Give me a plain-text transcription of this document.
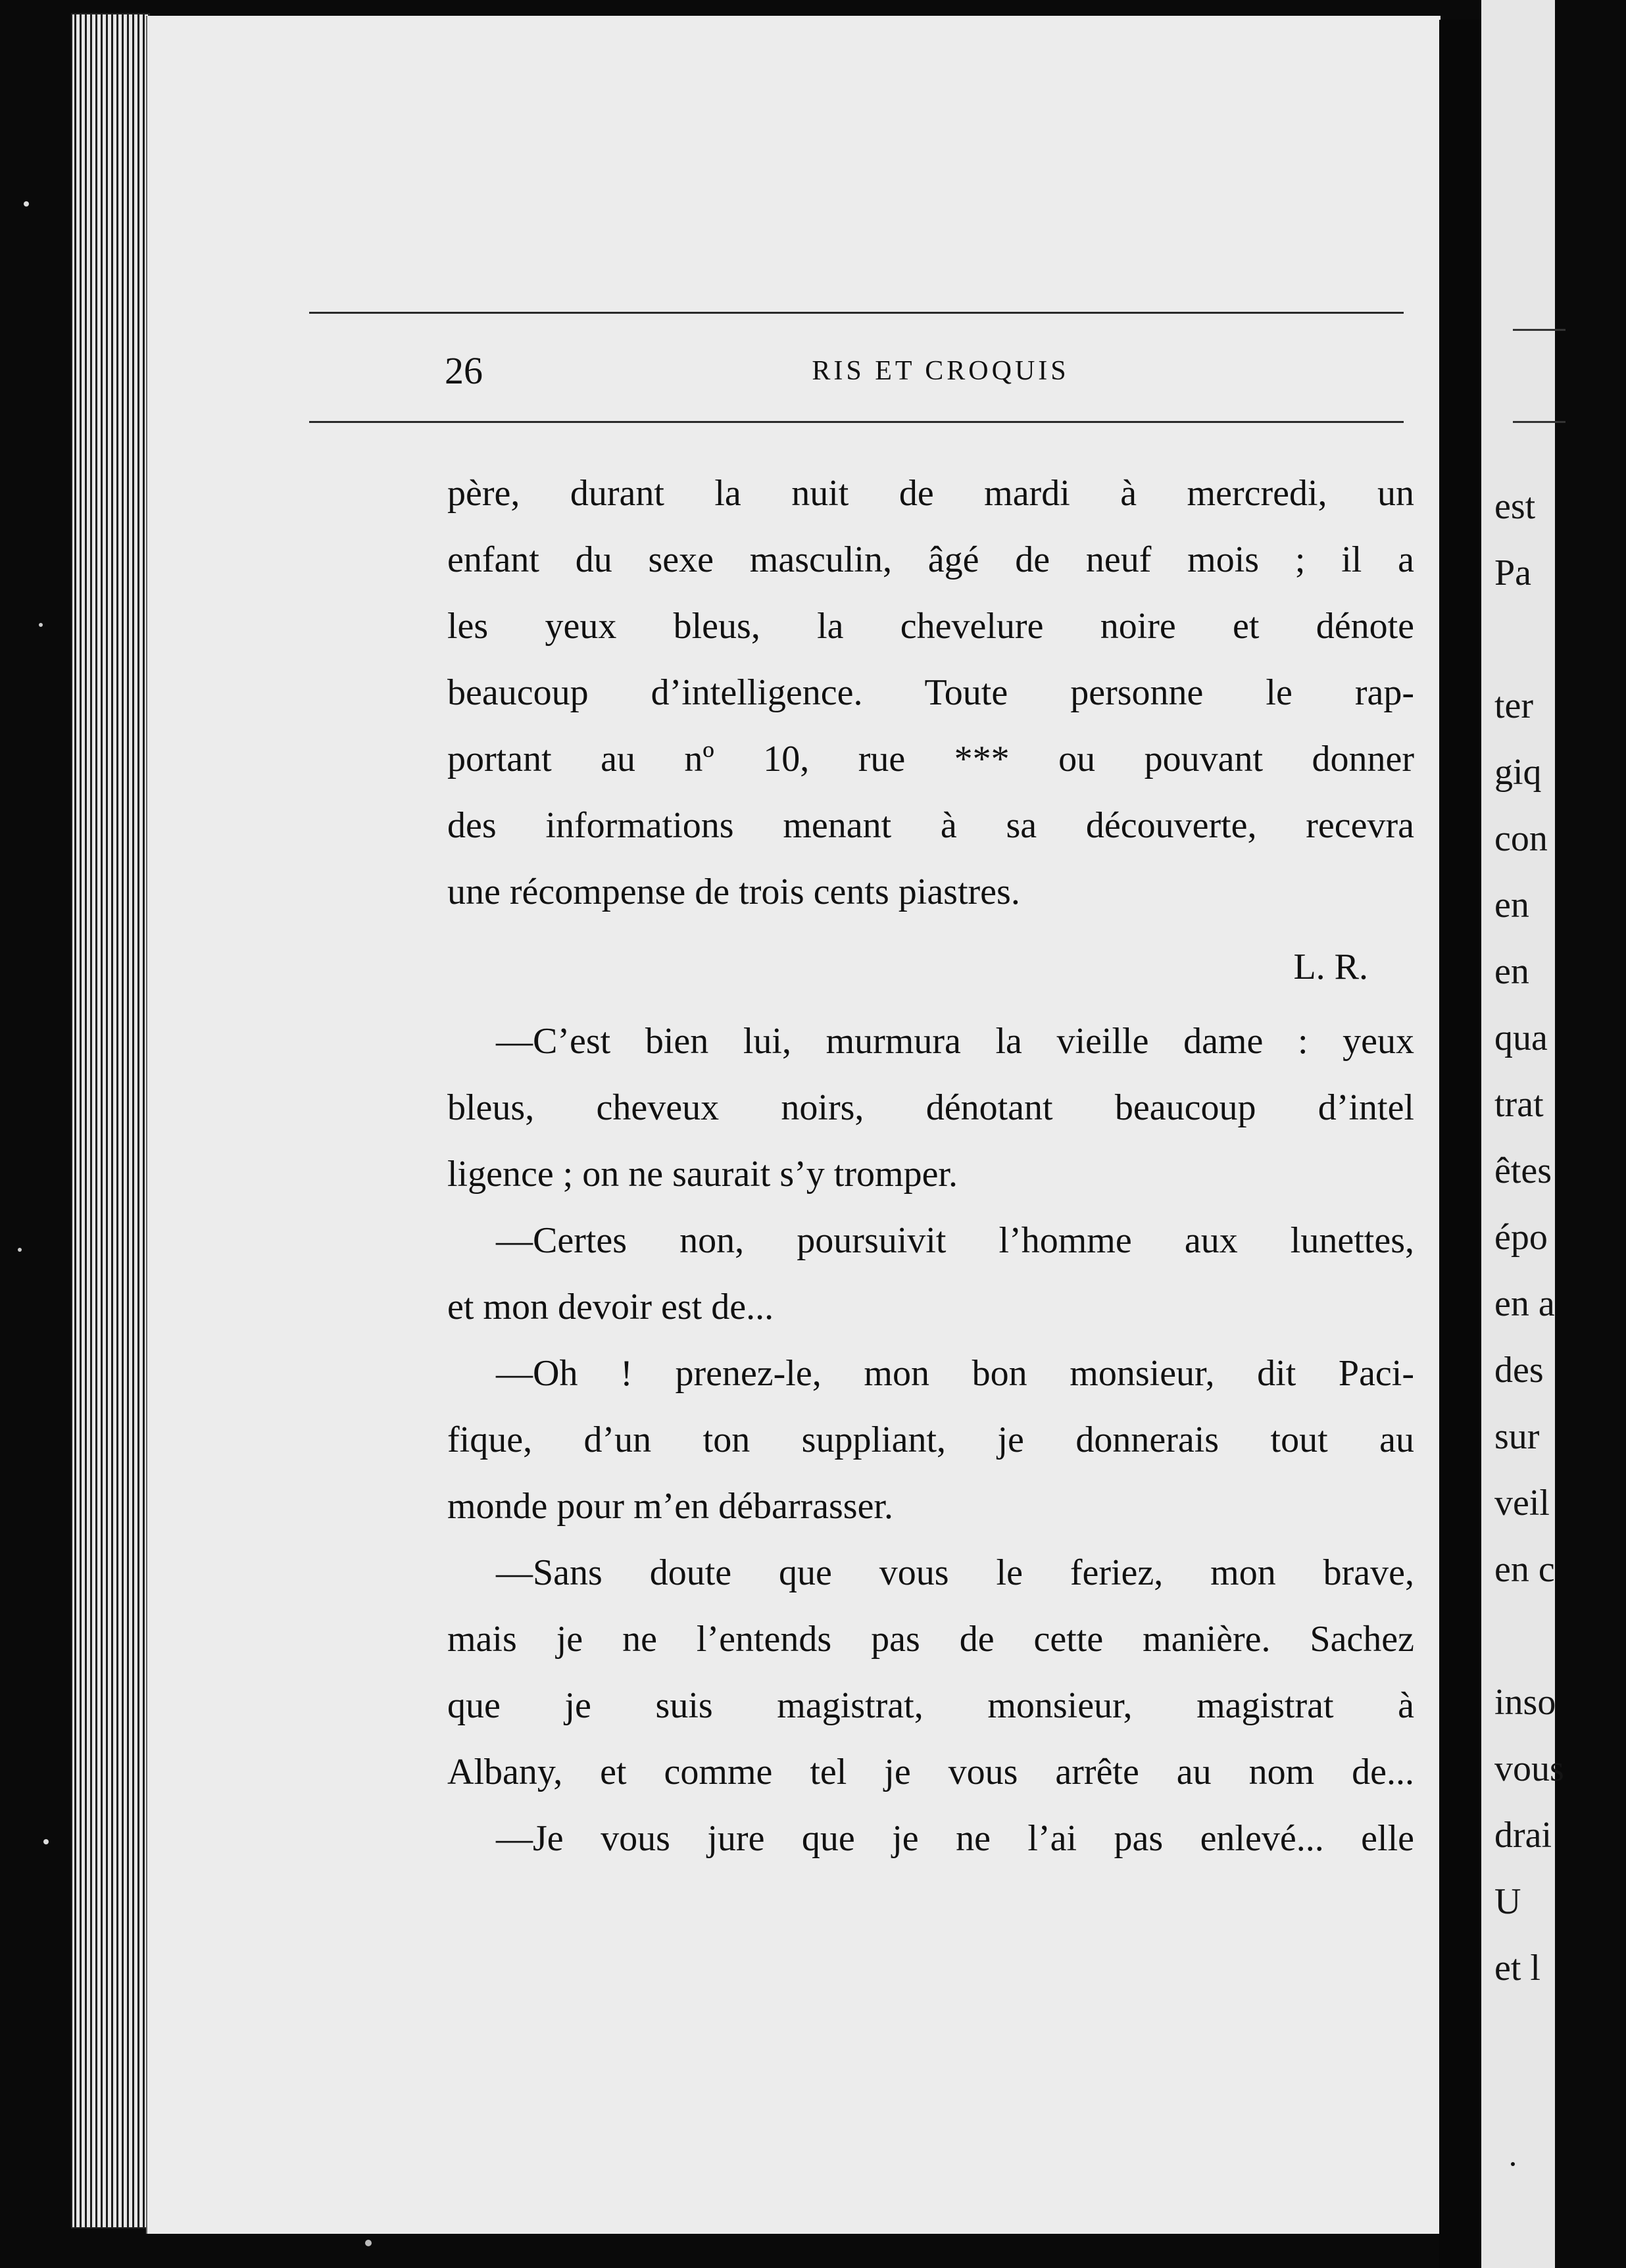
26	RIS ET CROQUIS
père, durant la nuit de mardi à mercredi, un
enfant du sexe masculin, âgé de neuf mois ; il a
les yeux bleus, la chevelure noire et dénote
beaucoup d’intelligence. Toute personne le rap-
portant au nº 10, rue *** ou pouvant donner
des informations menant à sa découverte, recevra
une récompense de trois cents piastres.
L. R.
—C’est bien lui, murmura la vieille dame : yeux
bleus, cheveux noirs, dénotant beaucoup d’intel
ligence ; on ne saurait s’y tromper.
—Certes non, poursuivit l’homme aux lunettes,
et mon devoir est de...
—Oh ! prenez-le, mon bon monsieur, dit Paci-
fique, d’un ton suppliant, je donnerais tout au
monde pour m’en débarrasser.
—Sans doute que vous le feriez, mon brave,
mais je ne l’entends pas de cette manière. Sachez
que je suis magistrat, monsieur, magistrat à
Albany, et comme tel je vous arrête au nom de...
—Je vous jure que je ne l’ai pas enlevé... elle
est
Pa
ter
giq
con
en
en
qua
trat
êtes
épo
en a
des
sur
veil
en c
inso
vous
drai
U
et l
